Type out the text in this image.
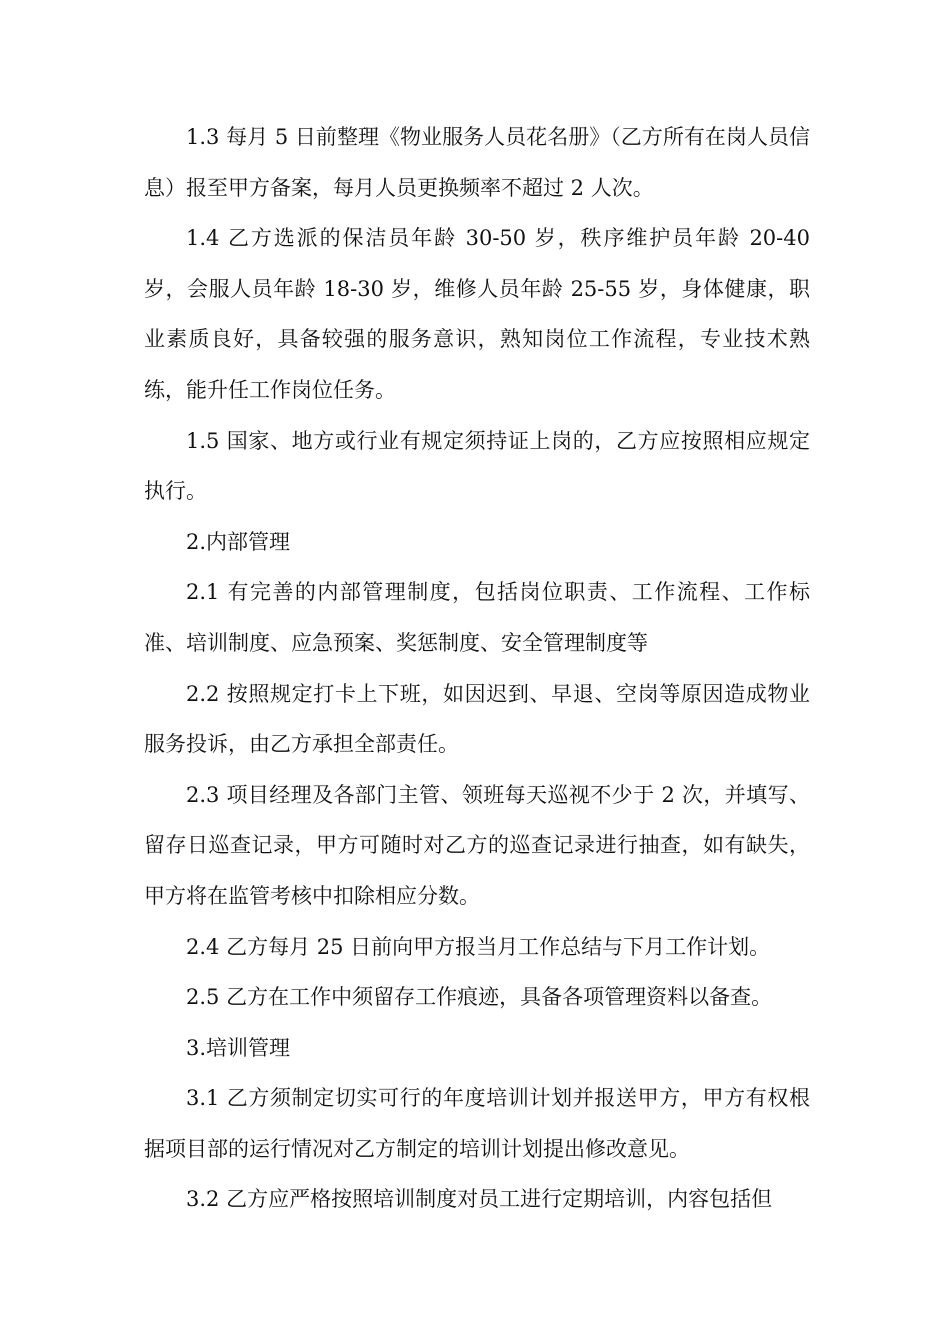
1.3 每月 5 日前整理《物业服务人员花名册》（乙方所有在岗人员信息）报至甲方备案，每月人员更换频率不超过 2 人次。

1.4 乙方选派的保洁员年龄 30-50 岁，秩序维护员年龄 20-40 岁，会服人员年龄 18-30 岁，维修人员年龄 25-55 岁，身体健康，职业素质良好，具备较强的服务意识，熟知岗位工作流程，专业技术熟练，能升任工作岗位任务。

1.5 国家、地方或行业有规定须持证上岗的，乙方应按照相应规定执行。

2.内部管理

2.1 有完善的内部管理制度，包括岗位职责、工作流程、工作标准、培训制度、应急预案、奖惩制度、安全管理制度等

2.2 按照规定打卡上下班，如因迟到、早退、空岗等原因造成物业服务投诉，由乙方承担全部责任。

2.3 项目经理及各部门主管、领班每天巡视不少于 2 次，并填写、留存日巡查记录，甲方可随时对乙方的巡查记录进行抽查，如有缺失，甲方将在监管考核中扣除相应分数。

2.4 乙方每月 25 日前向甲方报当月工作总结与下月工作计划。

2.5 乙方在工作中须留存工作痕迹，具备各项管理资料以备查。

3.培训管理

3.1 乙方须制定切实可行的年度培训计划并报送甲方，甲方有权根据项目部的运行情况对乙方制定的培训计划提出修改意见。

3.2 乙方应严格按照培训制度对员工进行定期培训，内容包括但
